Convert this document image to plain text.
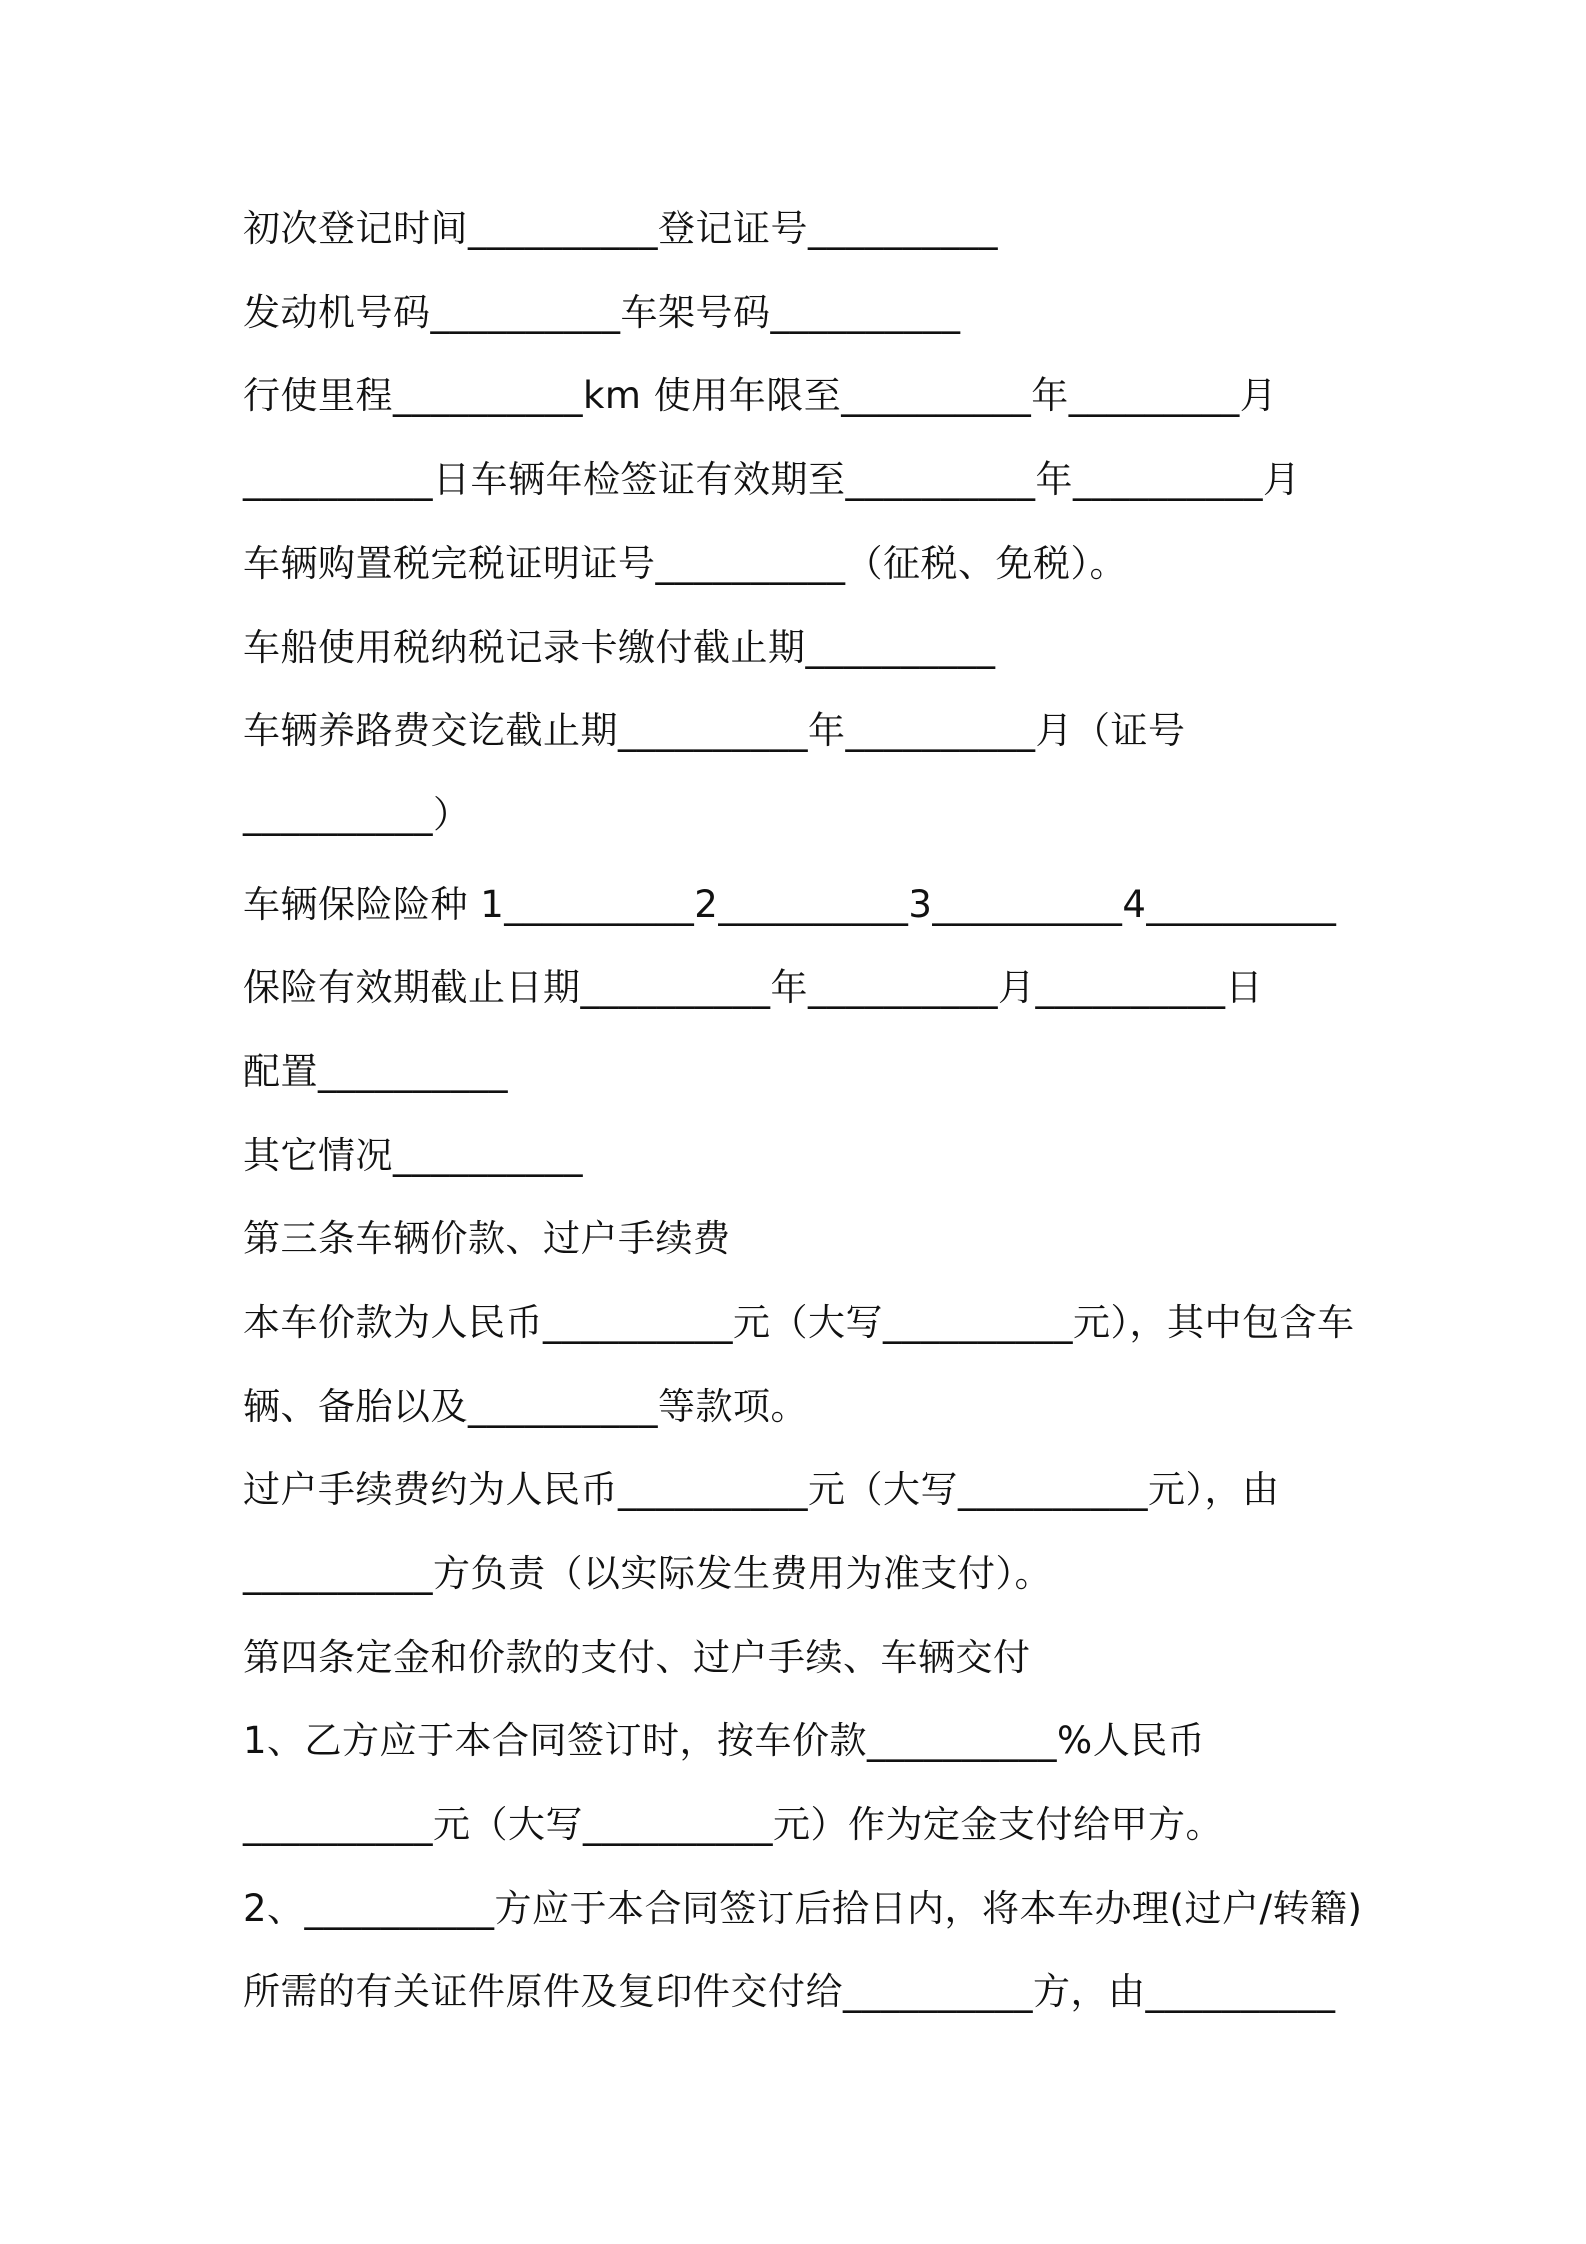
初次登记时间__________登记证号__________
发动机号码__________车架号码__________
行使里程__________km 使用年限至__________年_________月
__________日车辆年检签证有效期至__________年__________月
车辆购置税完税证明证号__________（征税、免税）。
车船使用税纳税记录卡缴付截止期__________
车辆养路费交讫截止期__________年__________月（证号
__________）
车辆保险险种 1__________2__________3__________4__________
保险有效期截止日期__________年__________月__________日
配置__________
其它情况__________
第三条车辆价款、过户手续费
本车价款为人民币__________元（大写__________元），其中包含车
辆、备胎以及__________等款项。
过户手续费约为人民币__________元（大写__________元），由
__________方负责（以实际发生费用为准支付）。
第四条定金和价款的支付、过户手续、车辆交付
1、乙方应于本合同签订时，按车价款__________%人民币
__________元（大写__________元）作为定金支付给甲方。
2、__________方应于本合同签订后拾日内，将本车办理(过户/转籍)
所需的有关证件原件及复印件交付给__________方，由__________
